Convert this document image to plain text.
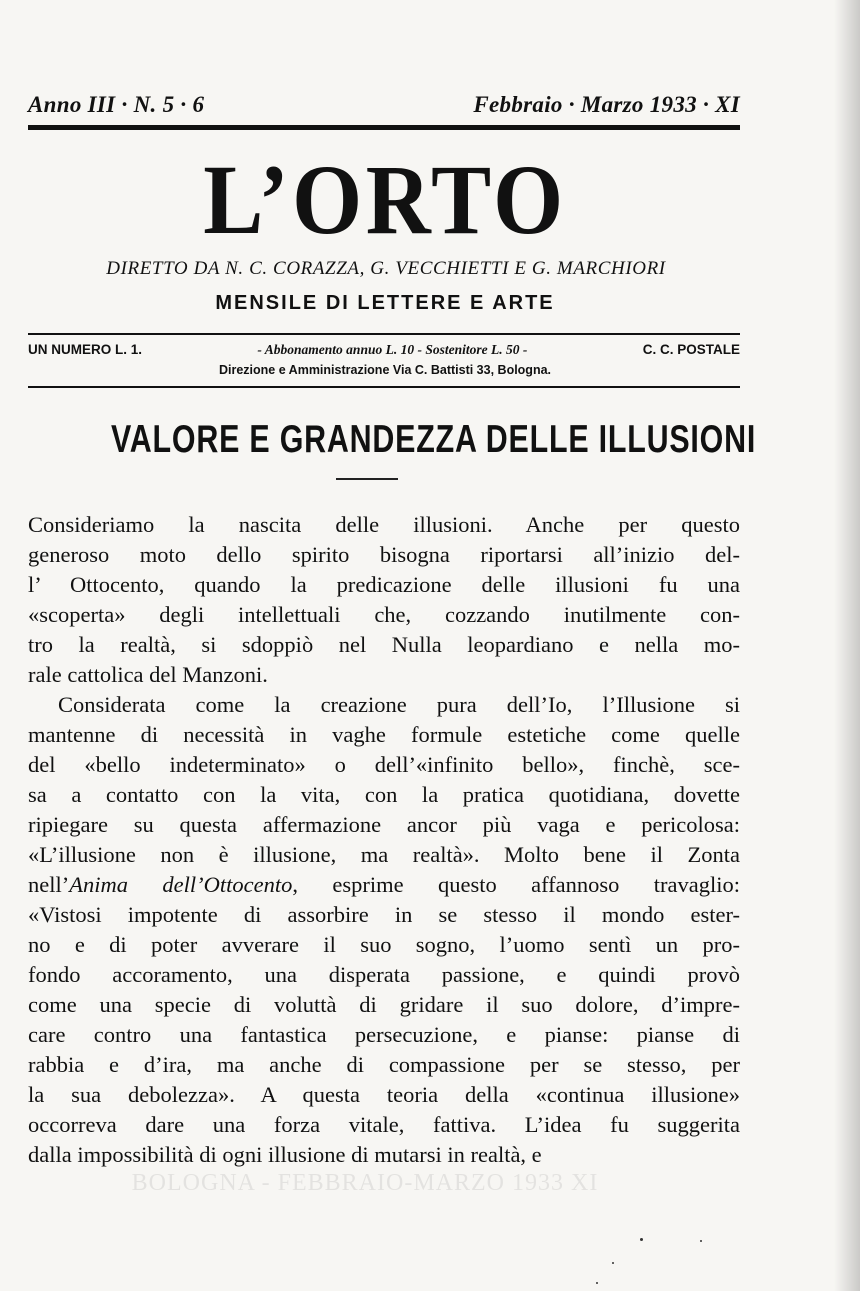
Anno III · N. 5 · 6	Febbraio · Marzo 1933 · XI
L’ORTO
DIRETTO DA N. C. CORAZZA, G. VECCHIETTI E G. MARCHIORI
MENSILE DI LETTERE E ARTE
UN NUMERO L. 1.	- Abbonamento annuo L. 10 - Sostenitore L. 50 -	C. C. POSTALE
Direzione e Amministrazione Via C. Battisti 33, Bologna.
VALORE E GRANDEZZA DELLE ILLUSIONI
Consideriamo la nascita delle illusioni. Anche per questo
generoso moto dello spirito bisogna riportarsi all’inizio del-
l’ Ottocento, quando la predicazione delle illusioni fu una
«scoperta» degli intellettuali che, cozzando inutilmente con-
tro la realtà, si sdoppiò nel Nulla leopardiano e nella mo-
rale cattolica del Manzoni.
Considerata come la creazione pura dell’Io, l’Illusione si
mantenne di necessità in vaghe formule estetiche come quelle
del «bello indeterminato» o dell’«infinito bello», finchè, sce-
sa a contatto con la vita, con la pratica quotidiana, dovette
ripiegare su questa affermazione ancor più vaga e pericolosa:
«L’illusione non è illusione, ma realtà». Molto bene il Zonta
nell’Anima dell’Ottocento, esprime questo affannoso travaglio:
«Vistosi impotente di assorbire in se stesso il mondo ester-
no e di poter avverare il suo sogno, l’uomo sentì un pro-
fondo accoramento, una disperata passione, e quindi provò
come una specie di voluttà di gridare il suo dolore, d’impre-
care contro una fantastica persecuzione, e pianse: pianse di
rabbia e d’ira, ma anche di compassione per se stesso, per
la sua debolezza». A questa teoria della «continua illusione»
occorreva dare una forza vitale, fattiva. L’idea fu suggerita
dalla impossibilità di ogni illusione di mutarsi in realtà, e
BOLOGNA - FEBBRAIO-MARZO 1933 XI
